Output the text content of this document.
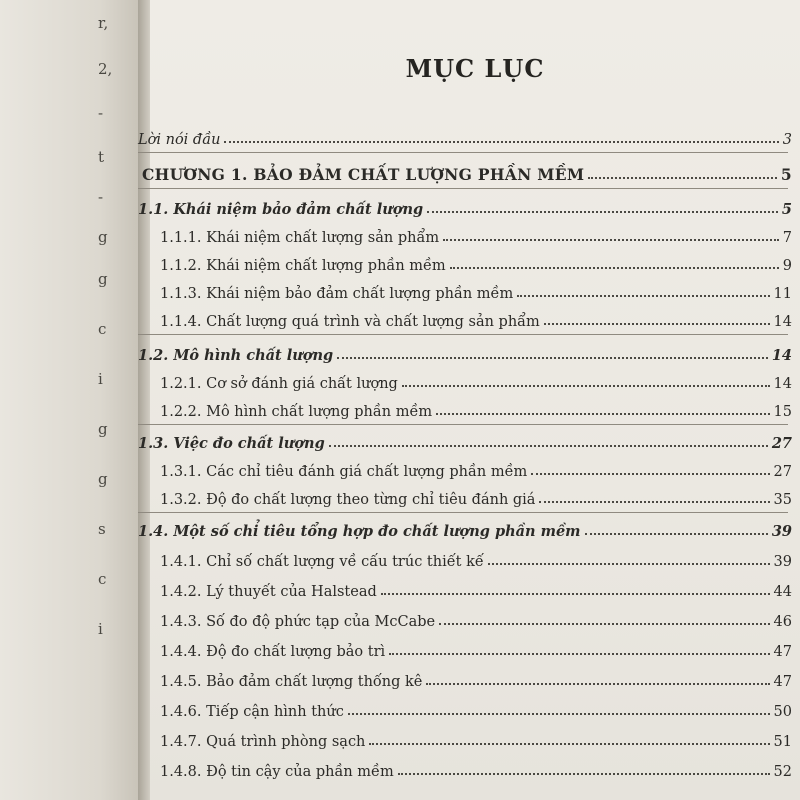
r,
2,
-
t
-
g
g
c
i
g
g
s
c
i
MỤC LỤC
Lời nói đầu	3
CHƯƠNG 1. BẢO ĐẢM CHẤT LƯỢNG PHẦN MỀM	5
1.1. Khái niệm bảo đảm chất lượng	5
1.1.1. Khái niệm chất lượng sản phẩm	7
1.1.2. Khái niệm chất lượng phần mềm	9
1.1.3. Khái niệm bảo đảm chất lượng phần mềm	11
1.1.4. Chất lượng quá trình và chất lượng sản phẩm	14
1.2. Mô hình chất lượng	14
1.2.1. Cơ sở đánh giá chất lượng	14
1.2.2. Mô hình chất lượng phần mềm	15
1.3. Việc đo chất lượng	27
1.3.1. Các chỉ tiêu đánh giá chất lượng phần mềm	27
1.3.2. Độ đo chất lượng theo từng chỉ tiêu đánh giá	35
1.4. Một số chỉ tiêu tổng hợp đo chất lượng phần mềm	39
1.4.1. Chỉ số chất lượng về cấu trúc thiết kế	39
1.4.2. Lý thuyết của Halstead	44
1.4.3. Số đo độ phức tạp của McCabe	46
1.4.4. Độ đo chất lượng bảo trì	47
1.4.5. Bảo đảm chất lượng thống kê	47
1.4.6. Tiếp cận hình thức	50
1.4.7. Quá trình phòng sạch	51
1.4.8. Độ tin cậy của phần mềm	52
